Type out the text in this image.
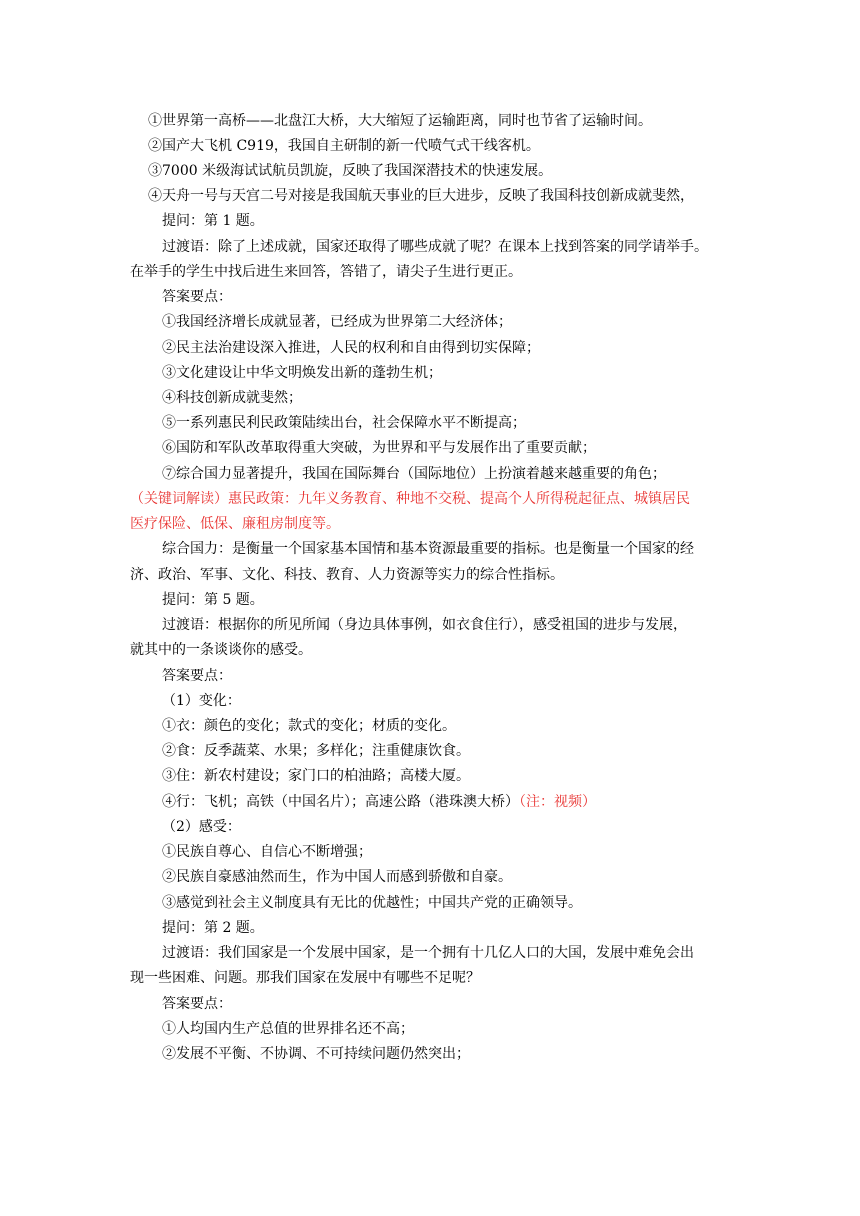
①世界第一高桥——北盘江大桥，大大缩短了运输距离，同时也节省了运输时间。
②国产大飞机 C919，我国自主研制的新一代喷气式干线客机。
③7000 米级海试试航员凯旋，反映了我国深潜技术的快速发展。
④天舟一号与天宫二号对接是我国航天事业的巨大进步，反映了我国科技创新成就斐然，
提问：第 1 题。
过渡语：除了上述成就，国家还取得了哪些成就了呢？在课本上找到答案的同学请举手。
在举手的学生中找后进生来回答，答错了，请尖子生进行更正。
答案要点：
①我国经济增长成就显著，已经成为世界第二大经济体；
②民主法治建设深入推进，人民的权利和自由得到切实保障；
③文化建设让中华文明焕发出新的蓬勃生机；
④科技创新成就斐然；
⑤一系列惠民利民政策陆续出台，社会保障水平不断提高；
⑥国防和军队改革取得重大突破，为世界和平与发展作出了重要贡献；
⑦综合国力显著提升，我国在国际舞台（国际地位）上扮演着越来越重要的角色；
（关键词解读）惠民政策：九年义务教育、种地不交税、提高个人所得税起征点、城镇居民
医疗保险、低保、廉租房制度等。
综合国力：是衡量一个国家基本国情和基本资源最重要的指标。也是衡量一个国家的经
济、政治、军事、文化、科技、教育、人力资源等实力的综合性指标。
提问：第 5 题。
过渡语：根据你的所见所闻（身边具体事例，如衣食住行），感受祖国的进步与发展，
就其中的一条谈谈你的感受。
答案要点：
（1）变化：
①衣：颜色的变化；款式的变化；材质的变化。
②食：反季蔬菜、水果；多样化；注重健康饮食。
③住：新农村建设；家门口的柏油路；高楼大厦。
④行：飞机；高铁（中国名片）；高速公路（港珠澳大桥）（注：视频）
（2）感受：
①民族自尊心、自信心不断增强；
②民族自豪感油然而生，作为中国人而感到骄傲和自豪。
③感觉到社会主义制度具有无比的优越性；中国共产党的正确领导。
提问：第 2 题。
过渡语：我们国家是一个发展中国家，是一个拥有十几亿人口的大国，发展中难免会出
现一些困难、问题。那我们国家在发展中有哪些不足呢？
答案要点：
①人均国内生产总值的世界排名还不高；
②发展不平衡、不协调、不可持续问题仍然突出；
